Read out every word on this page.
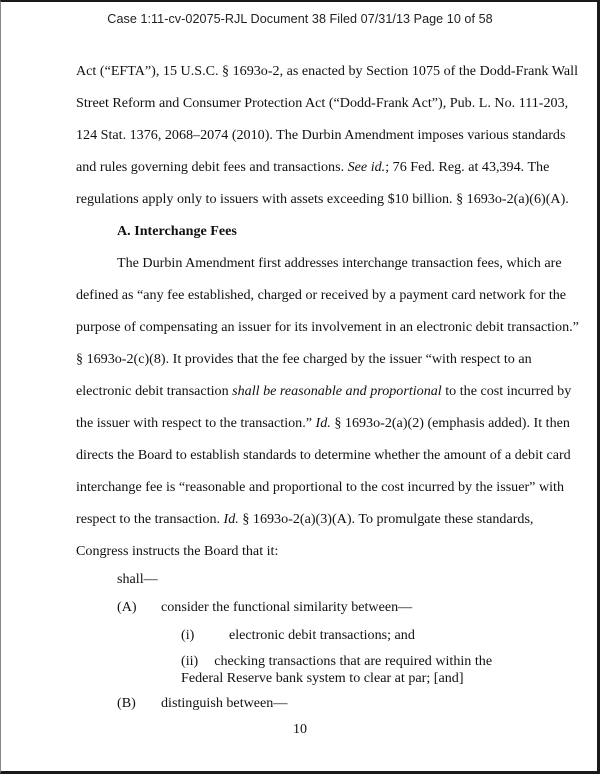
Case 1:11-cv-02075-RJL Document 38 Filed 07/31/13 Page 10 of 58
Act (“EFTA”), 15 U.S.C. § 1693o-2, as enacted by Section 1075 of the Dodd-Frank Wall
Street Reform and Consumer Protection Act (“Dodd-Frank Act”), Pub. L. No. 111-203,
124 Stat. 1376, 2068–2074 (2010). The Durbin Amendment imposes various standards
and rules governing debit fees and transactions. See id.; 76 Fed. Reg. at 43,394. The
regulations apply only to issuers with assets exceeding $10 billion. § 1693o-2(a)(6)(A).
A. Interchange Fees
The Durbin Amendment first addresses interchange transaction fees, which are
defined as “any fee established, charged or received by a payment card network for the
purpose of compensating an issuer for its involvement in an electronic debit transaction.”
§ 1693o-2(c)(8). It provides that the fee charged by the issuer “with respect to an
electronic debit transaction shall be reasonable and proportional to the cost incurred by
the issuer with respect to the transaction.” Id. § 1693o-2(a)(2) (emphasis added). It then
directs the Board to establish standards to determine whether the amount of a debit card
interchange fee is “reasonable and proportional to the cost incurred by the issuer” with
respect to the transaction. Id. § 1693o-2(a)(3)(A). To promulgate these standards,
Congress instructs the Board that it:
shall—
(A) consider the functional similarity between—
(i) electronic debit transactions; and
(ii) checking transactions that are required within the
Federal Reserve bank system to clear at par; [and]
10
(B) distinguish between—
